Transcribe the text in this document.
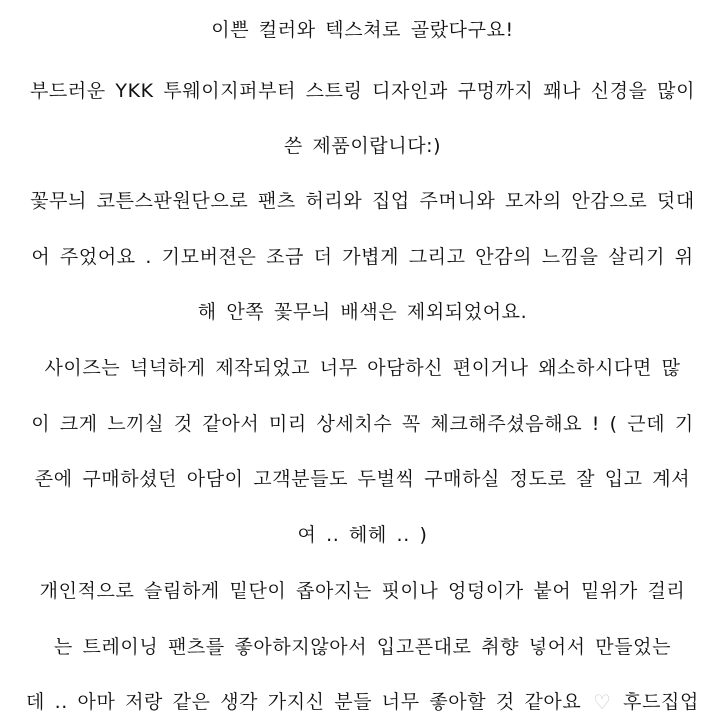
이쁜 컬러와 텍스쳐로 골랐다구요!
부드러운 YKK 투웨이지퍼부터 스트링 디자인과 구멍까지 꽤나 신경을 많이
쓴 제품이랍니다:)
꽃무늬 코튼스판원단으로 팬츠 허리와 집업 주머니와 모자의 안감으로 덧대
어 주었어요 . 기모버젼은 조금 더 가볍게 그리고 안감의 느낌을 살리기 위
해 안쪽 꽃무늬 배색은 제외되었어요.
사이즈는 넉넉하게 제작되었고 너무 아담하신 편이거나 왜소하시다면 많
이 크게 느끼실 것 같아서 미리 상세치수 꼭 체크해주셨음해요 ! ( 근데 기
존에 구매하셨던 아담이 고객분들도 두벌씩 구매하실 정도로 잘 입고 계셔
여 .. 헤헤 .. )
개인적으로 슬림하게 밑단이 좁아지는 핏이나 엉덩이가 붙어 밑위가 걸리
는 트레이닝 팬츠를 좋아하지않아서 입고픈대로 취향 넣어서 만들었는
데 .. 아마 저랑 같은 생각 가지신 분들 너무 좋아할 것 같아요 ♡ 후드집업
